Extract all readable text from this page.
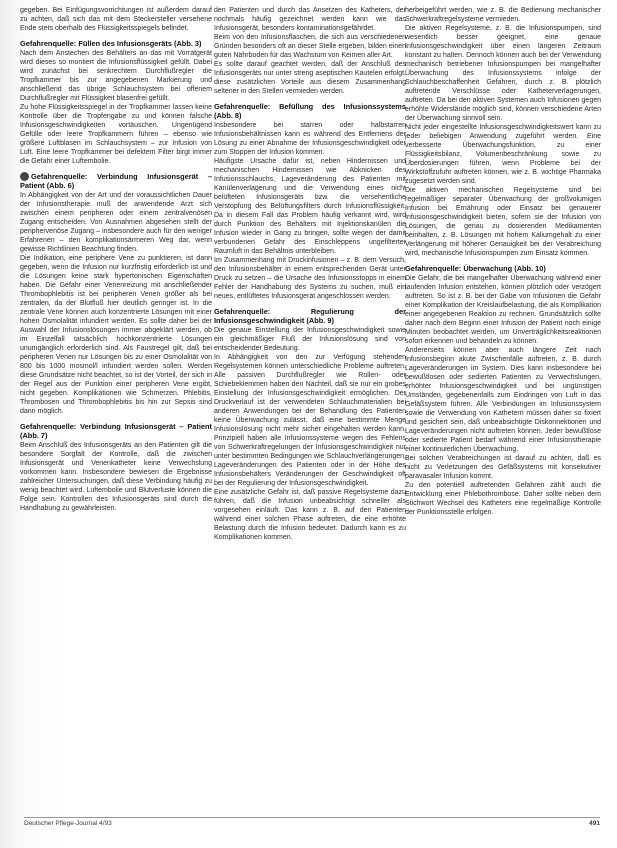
gegeben. Bei Einfügungsvorrichtungen ist außerdem darauf zu achten, daß sich das mit dem Steckersteller versehene Ende stets oberhalb des Flüssigkeitsspiegels befindet.

Gefahrenquelle: Füllen des Infusionsgeräts (Abb. 3)

Nach dem Anstechen des Behälters an das mit Vorratgerät wird dieses so montiert die Infusionsflüssigkeit gefüllt. Dabei wird zunächst bei senkrechtem Durchflußregler die Tropfkammer bis zur angegebenen Markierung und anschließend das übrige Schlauchsystem bei offenem Durchflußregler mit Flüssigkeit blasenfrei gefüllt.

Zu hohe Flüssigkeitsspiegel in der Tropfkammer lassen keine Kontrolle über die Tropfengabe zu und können falsche Infusionsgeschwindigkeiten vortäuschen. Ungenügend Gefülle oder leere Tropfkammern führen – ebenso wie größere Luftblasen im Schlauchsystem – zur Infusion von Luft. Eine leere Tropfkammer bei defektem Filter birgt immer die Gefahr einer Luftembolie.

Gefahrenquelle: Verbindung Infusionsgerät – Patient (Abb. 6)

In Abhängigkeit von der Art und der voraussichtlichen Dauer der Infusionstherapie muß der anwendende Arzt sich zwischen einem peripheren oder einem zentralvenösen Zugang entscheiden. Von Ausnahmen abgesehen stellt der periphervenöse Zugang – insbesondere auch für den weniger Erfahrenen – den komplikationsärmeren Weg dar, wenn gewisse Richtlinien Beachtung finden.

Die Indikation, eine periphere Vene zu punktieren, ist dann gegeben, wenn die Infusion nur kurzfristig erforderlich ist und die Lösungen keine stark hypertonischen Eigenschaften haben. Die Gefahr einer Venenreizung mit anschließender Thrombophlebitis ist bei peripheren Venen größer als bei zentralen, da der Blutfluß hier deutlich geringer ist. In die zentrale Vene können auch konzentrierte Lösungen mit einer hohen Osmolalität infundiert werden. Es sollte daher bei der Auswahl der Infusionslösungen immer abgeklärt werden, ob im Einzelfall tatsächlich hochkonzentrierte Lösungen unumgänglich erforderlich sind. Als Faustregel gilt, daß bei peripheren Venen nur Lösungen bis zu einer Osmolalität von 800 bis 1000 mosmol/l infundiert werden sollen. Werden diese Grundsätze nicht beachtet, so ist der Vorteil, der sich in der Regel aus der Punktion einer peripheren Vene ergibt, nicht gegeben. Komplikationen wie Schmerzen, Phlebitis, Thrombosen und Thrombophlebitis bis hin zur Sepsis sind dann möglich.

Gefahrenquelle: Verbindung Infusionsgerät – Patient (Abb. 7)

Beim Anschluß des Infusionsgeräts an den Patienten gilt die besondere Sorgfalt der Kontrolle, daß die zwischen Infusionsgerät und Venenkatheter keine Verwechslung vorkommen kann. Insbesondere bewiesen die Ergebnisse zahlreicher Untersuchungen, daß diese Verbindung häufig zu wenig beachtet wird. Luftembolie und Blutverluste können die Folge sein. Kontrollen des Infusionsgeräts sind durch die Handhabung zu gewährleisten.

den Patienten und durch das Ansetzen des Katheters, der nochmals häufig gezeichnet werden kann wie das Infusionsgerät, besonders kontaminationsgefährdet.

Beim von den Infusionsflaschen, die sich aus verschiedenen Gründen besonders oft an dieser Stelle ergeben, bilden einen guten Nährboden für das Wachstum von Keimen aller Art.

Es sollte darauf geachtet werden, daß der Anschluß des Infusionsgeräts nur unter streng aseptischen Kautelen erfolgt, diese zusätzlichen Vorteile aus diesem Zusammenhang seltener in den Stellen vermieden werden.

Gefahrenquelle: Befüllung des Infusionssystems (Abb. 8)

Insbesondere bei starren oder halbstarren Infusionsbehältnissen kann es während des Entfernens der Lösung zu einer Abnahme der Infusionsgeschwindigkeit oder zum Stoppen der Infusion kommen.

Häufigste Ursache dafür ist, neben Hindernissen und mechanischen Hindernissen wie Abknicken des Infusionsschlauchs, Lageveränderung des Patienten mit Kanülenverlagerung und die Verwendung eines nicht belüfteten Infusionsgeräts bzw. die versehentliche Verstopfung des Belüftungsfilters durch Infusionsflüssigkeit. Da in diesem Fall das Problem häufig verkannt wird, wird durch Punktion des Behälters mit Injektionskanülen die Infusion wieder in Gang zu bringen, sollte wegen der damit verbundenen Gefahr des Einschleppens ungefilterter Raumluft in das Behältnis unterbleiben.

Im Zusammenhang mit Druckinfusionen – z. B. dem Versuch, den Infusionsbehälter in einem entsprechenden Gerät unter Druck zu setzen – die Ursache des Infusionsstopps in einem Fehler der Handhabung des Systems zu suchen, muß ein neues, entlüftetes Infusionsgerät angeschlossen werden.

Gefahrenquelle: Regulierung der Infusionsgeschwindigkeit (Abb. 9)

Die genaue Einstellung der Infusionsgeschwindigkeit sowie ein gleichmäßiger Fluß der Infusionslösung sind von entscheidender Bedeutung.

In Abhängigkeit von den zur Verfügung stehenden Regelsystemen können unterschiedliche Probleme auftreten. Alle passiven Durchflußregler wie Rollen- oder Schiebeklemmen haben den Nachteil, daß sie nur ein grobes Einstellung der Infusionsgeschwindigkeit ermöglichen. Der Druckverlauf ist der verwendeten Schlauchmaterialien bei anderen Anwendungen bei der Behandlung des Patienten keine Überwachung zulässt, daß eine bestimmte Menge Infusionslösung nicht mehr sicher eingehalten werden kann. Prinzipiell haben alle Infusionssysteme wegen des Fehlens von Schwerkraftregelungen der Infusionsgeschwindigkeit nur unter bestimmten Bedingungen wie Schlauchverlängerungen, Lageveränderungen des Patienten oder in der Höhe des Infusionsbehälters Veränderungen der Geschwindigkeit oft bei der Regulierung der Infusionsgeschwindigkeit.

Eine zusätzliche Gefahr ist, daß passive Regelsysteme dazu führen, daß die Infusion unbeabsichtigt schneller als vorgesehen einläuft. Das kann z. B. auf den Patienten während einer solchen Phase auftreten, die eine erhöhte Belastung durch die Infusion bedeutet. Dadurch kann es zu Komplikationen kommen.

herbeigeführt werden, wie z. B. die Bedienung mechanischer Schwerkraftregelsysteme vermieden.

Die aktiven Regelsysteme, z. B. die Infusionspumpen, sind wesentlich besser geeignet, eine genaue Infusionsgeschwindigkeit über einen längeren Zeitraum konstant zu halten. Dennoch können auch bei der Verwendung mechanisch betriebener Infusionspumpen bei mangelhafter Überwachung des Infusionssystems infolge der Schlauchbeschaffenheit Gefahren, durch z. B. plötzlich auftretende Verschlüsse oder Katheterverlagerungen, auftreten. Da bei den aktiven Systemen auch Infusionen gegen erhöhte Widerstände möglich sind, können verschiedene Arten der Überwachung sinnvoll sein.

Nicht jeder eingestellte Infusionsgeschwindigkeitswert kann zu jeder beliebigen Anwendung zugeführt werden. Eine verbesserte Überwachungsfunktion, zu einer Flüssigkeitsbilanz, Volumenbeschränkung sowie zu Überdosierungen führen, wenn Probleme bei der Wirkstoffzufuhr auftreten können, wie z. B. wichtige Pharmaka zugesetzt werden sind.

Die aktiven mechanischen Regelsysteme sind bei regelmäßiger separater Überwachung der großvolumigen Infusion bei Ernährung oder Einsatz bei genauerer Infusionsgeschwindigkeit bieten, sofern sie der Infusion von Lösungen, die genau zu dosierenden Medikamenten beinhalten, z. B. Lösungen mit hohem Kaliumgehalt zu einer Verlängerung mit höherer Genauigkeit bei der Verabreichung wird, mechanische Infusionspumpen zum Einsatz kommen.

Gefahrenquelle: Überwachung (Abb. 10)

Die Gefahr, die bei mangelhafter Überwachung während einer laufenden Infusion entstehen, können plötzlich oder verzögert auftreten. So ist z. B. bei der Gabe von Infusionen die Gefahr einer Komplikation der Kreislaufbelastung, die als Komplikation einer angegebenen Reaktion zu rechnen. Grundsätzlich sollte daher nach dem Beginn einer Infusion der Patient noch einige Minuten beobachtet werden, um Unverträglichkeitsreaktionen sofort erkennen und behandeln zu können.

Andererseits können aber auch längere Zeit nach Infusionsbeginn akute Zwischenfälle auftreten, z. B. durch Lageveränderungen im System. Dies kann insbesondere bei bewußtlosen oder sedierten Patienten zu Verwechslungen, erhöhter Infusionsgeschwindigkeit und bei ungünstigen Umständen, gegebenenfalls zum Eindringen von Luft in das Gefäßsystem führen. Alle Verbindungen im Infusionssystem sowie die Verwendung von Kathetern müssen daher so fixiert und gesichert sein, daß unbeabsichtigte Diskonnektionen und Lageveränderungen nicht auftreten können. Jeder bewußtlose oder sedierte Patient bedarf während einer Infusionstherapie einer kontinuierlichen Überwachung.

Bei solchen Verabreichungen ist darauf zu achten, daß es nicht zu Verletzungen des Gefäßsystems mit konsekutiver paravasaler Infusion kommt.

Zu den potentiell auftretenden Gefahren zählt auch die Entwicklung einer Phlebothrombose. Daher sollte neben dem Stichwort Wechsel des Katheters eine regelmäßige Kontrolle der Punktionsstelle erfolgen.

Deutscher Pflege-Journal 4/93	491
